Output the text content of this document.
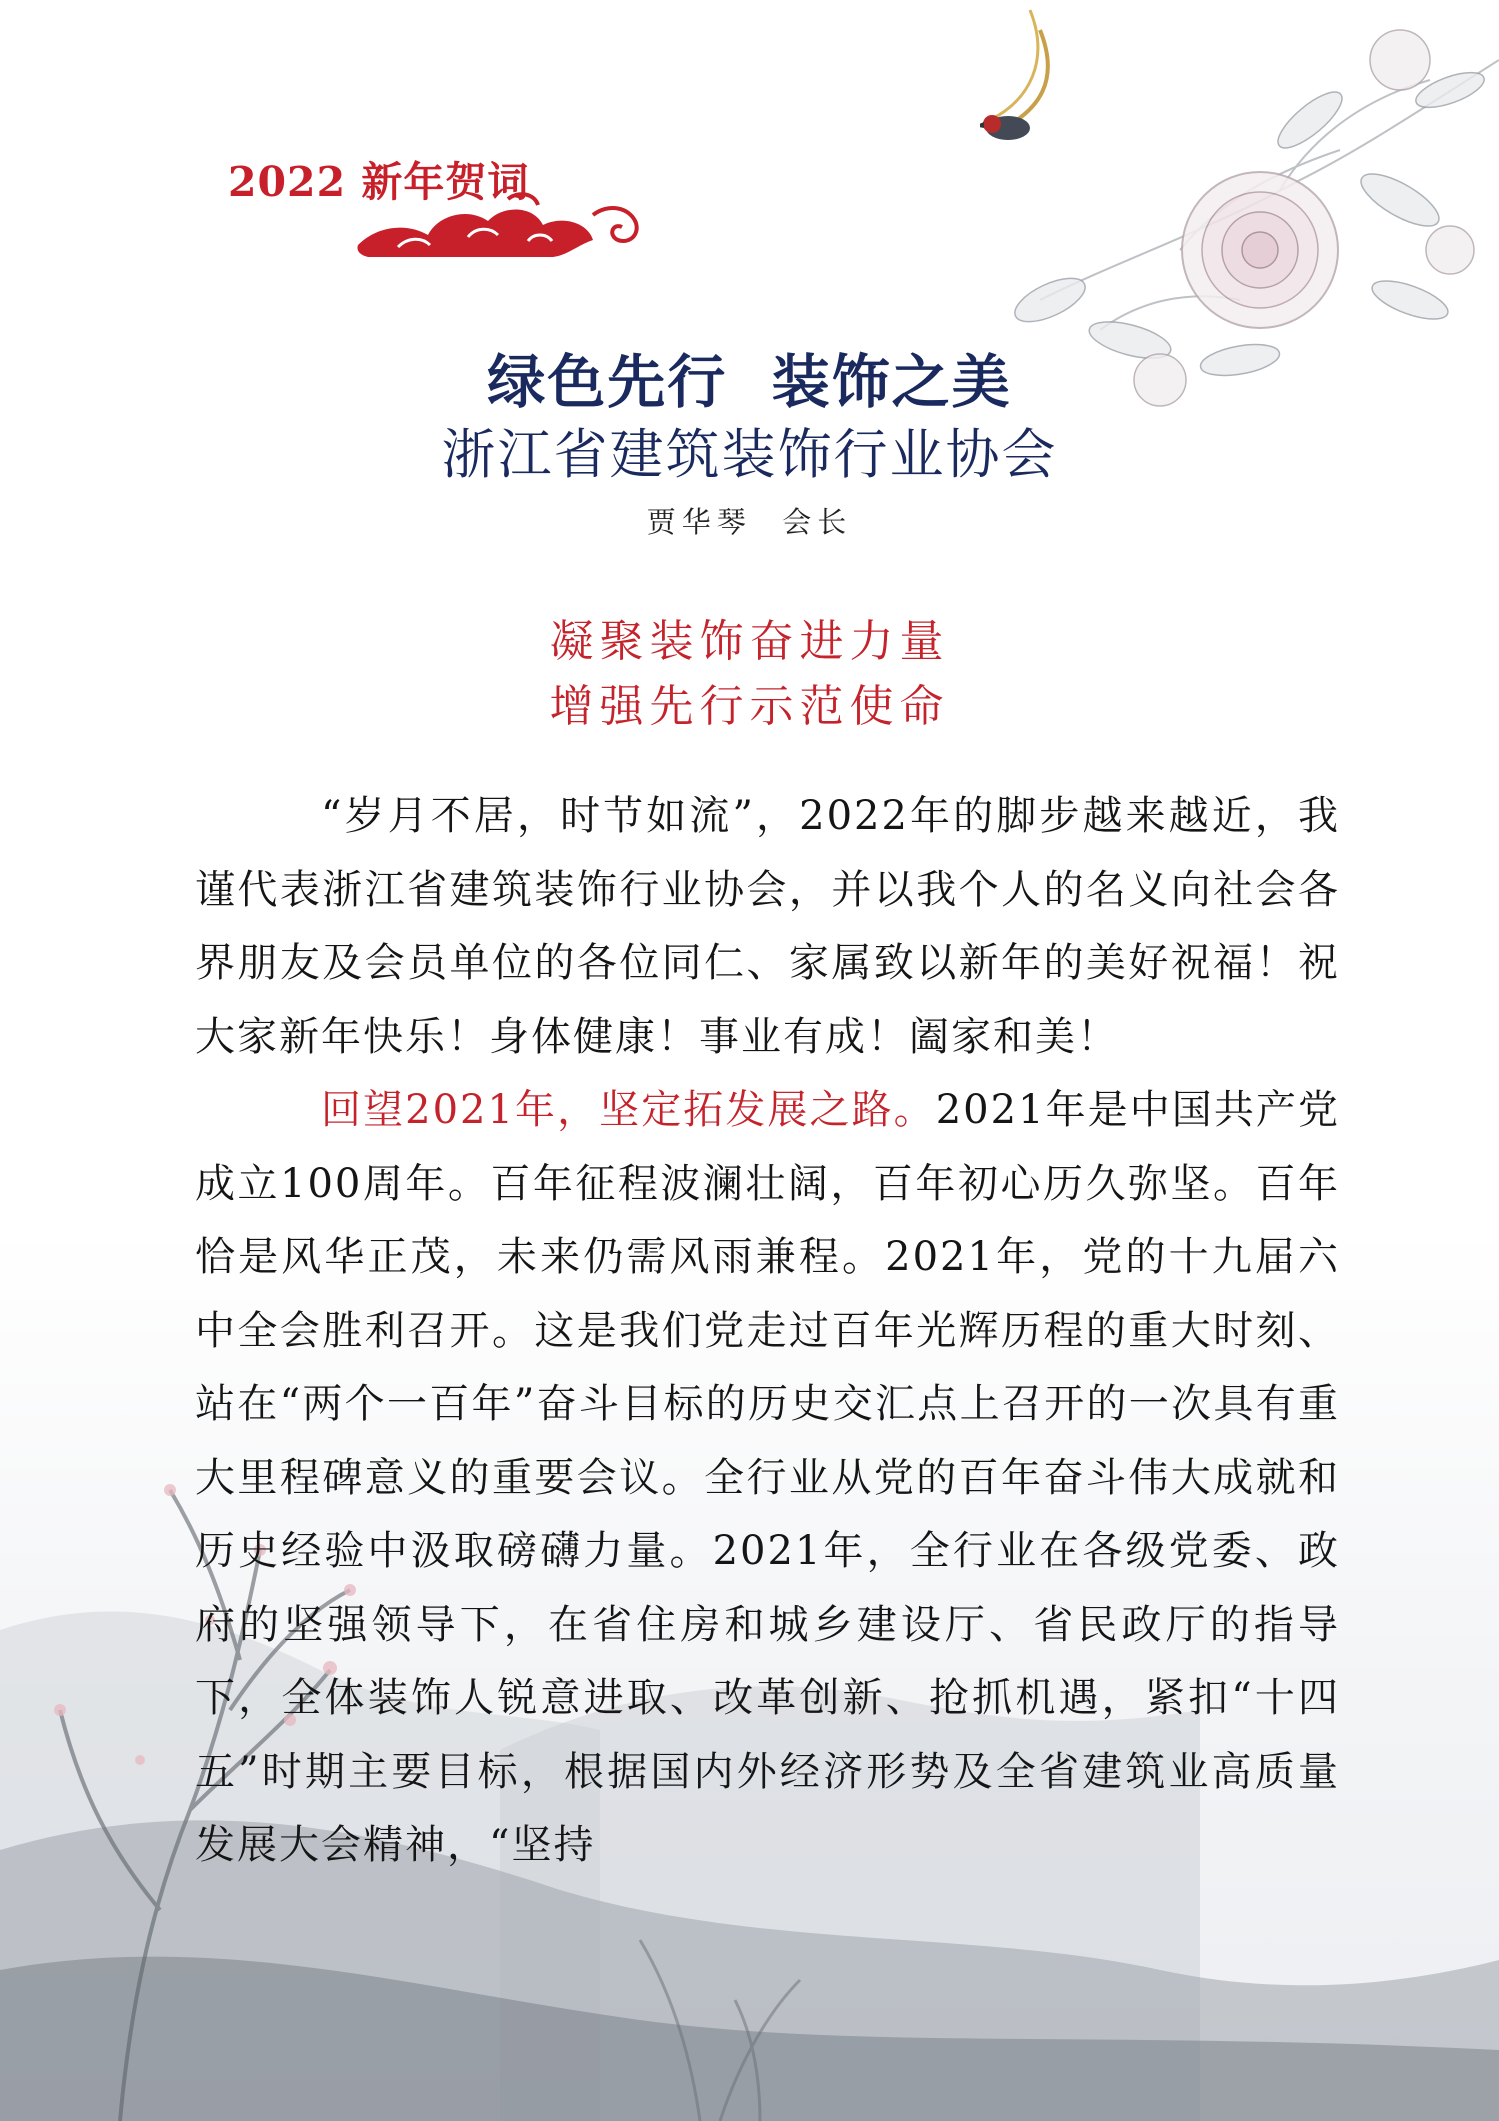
2022 新年贺词
绿色先行  装饰之美
浙江省建筑装饰行业协会
贾华琴  会长
凝聚装饰奋进力量
增强先行示范使命

“岁月不居，时节如流”，2022年的脚步越来越近，我谨代表浙江省建筑装饰行业协会，并以我个人的名义向社会各界朋友及会员单位的各位同仁、家属致以新年的美好祝福！祝大家新年快乐！身体健康！事业有成！阖家和美！

回望2021年，坚定拓发展之路。2021年是中国共产党成立100周年。百年征程波澜壮阔，百年初心历久弥坚。百年恰是风华正茂，未来仍需风雨兼程。2021年，党的十九届六中全会胜利召开。这是我们党走过百年光辉历程的重大时刻、站在“两个一百年”奋斗目标的历史交汇点上召开的一次具有重大里程碑意义的重要会议。全行业从党的百年奋斗伟大成就和历史经验中汲取磅礴力量。2021年，全行业在各级党委、政府的坚强领导下，在省住房和城乡建设厅、省民政厅的指导下，全体装饰人锐意进取、改革创新、抢抓机遇，紧扣“十四五”时期主要目标，根据国内外经济形势及全省建筑业高质量发展大会精神，“坚持
